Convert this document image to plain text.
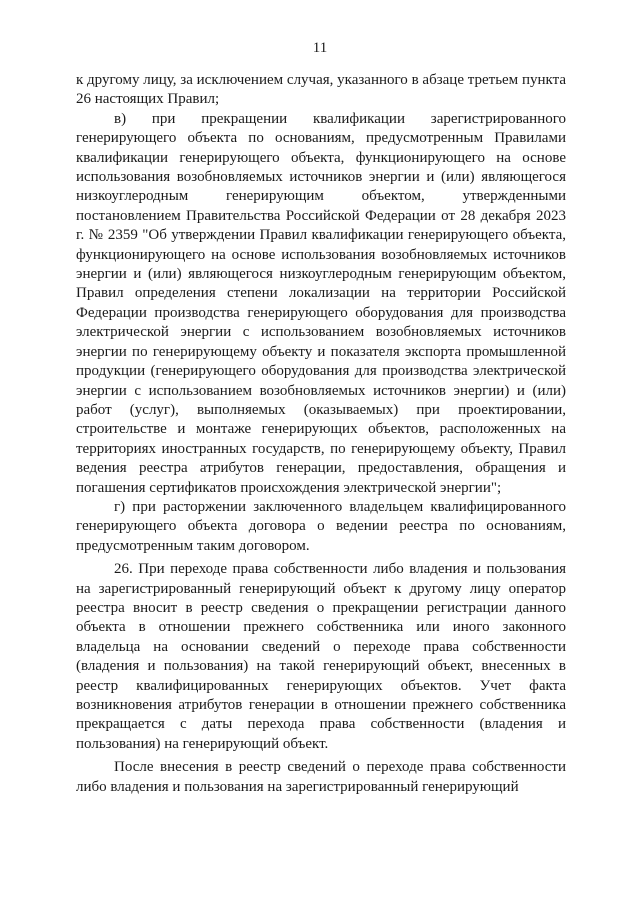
11

к другому лицу, за исключением случая, указанного в абзаце третьем пункта 26 настоящих Правил;

в) при прекращении квалификации зарегистрированного генерирующего объекта по основаниям, предусмотренным Правилами квалификации генерирующего объекта, функционирующего на основе использования возобновляемых источников энергии и (или) являющегося низкоуглеродным генерирующим объектом, утвержденными постановлением Правительства Российской Федерации от 28 декабря 2023 г. № 2359 "Об утверждении Правил квалификации генерирующего объекта, функционирующего на основе использования возобновляемых источников энергии и (или) являющегося низкоуглеродным генерирующим объектом, Правил определения степени локализации на территории Российской Федерации производства генерирующего оборудования для производства электрической энергии с использованием возобновляемых источников энергии по генерирующему объекту и показателя экспорта промышленной продукции (генерирующего оборудования для производства электрической энергии с использованием возобновляемых источников энергии) и (или) работ (услуг), выполняемых (оказываемых) при проектировании, строительстве и монтаже генерирующих объектов, расположенных на территориях иностранных государств, по генерирующему объекту, Правил ведения реестра атрибутов генерации, предоставления, обращения и погашения сертификатов происхождения электрической энергии";

г) при расторжении заключенного владельцем квалифицированного генерирующего объекта договора о ведении реестра по основаниям, предусмотренным таким договором.

26. При переходе права собственности либо владения и пользования на зарегистрированный генерирующий объект к другому лицу оператор реестра вносит в реестр сведения о прекращении регистрации данного объекта в отношении прежнего собственника или иного законного владельца на основании сведений о переходе права собственности (владения и пользования) на такой генерирующий объект, внесенных в реестр квалифицированных генерирующих объектов. Учет факта возникновения атрибутов генерации в отношении прежнего собственника прекращается с даты перехода права собственности (владения и пользования) на генерирующий объект.

После внесения в реестр сведений о переходе права собственности либо владения и пользования на зарегистрированный генерирующий
